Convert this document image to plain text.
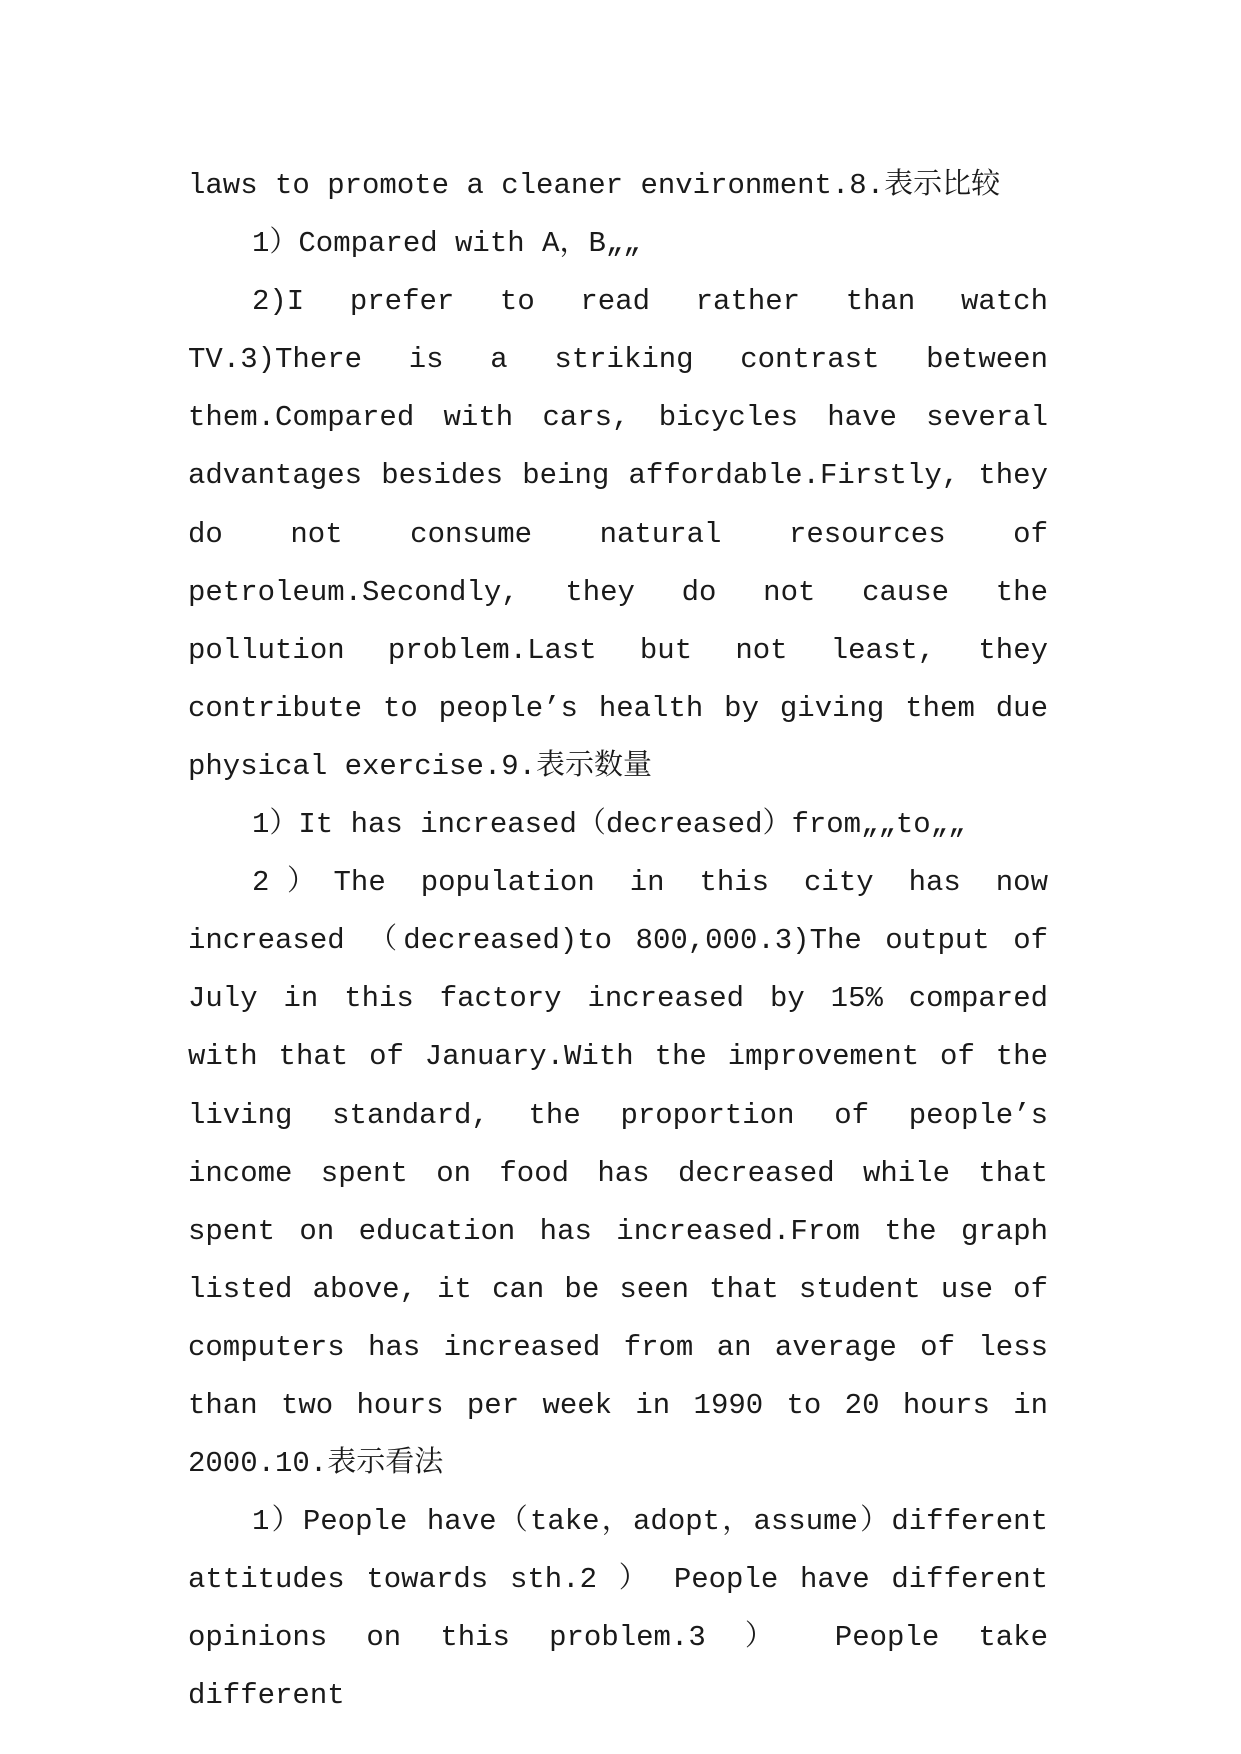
laws to promote a cleaner environment.8.表示比较

1）Compared with A，B„„

2)I prefer to read rather than watch TV.3)There is a striking contrast between them.Compared with cars, bicycles have several advantages besides being affordable.Firstly, they do not consume natural resources of petroleum.Secondly, they do not cause the pollution problem.Last but not least, they contribute to people’s health by giving them due physical exercise.9.表示数量

1）It has increased（decreased）from„„to„„

2）The population in this city has now increased （decreased)to 800,000.3)The output of July in this factory increased by 15% compared with that of January.With the improvement of the living standard, the proportion of people’s income spent on food has decreased while that spent on education has increased.From the graph listed above, it can be seen that student use of computers has increased from an average of less than two hours per week in 1990 to 20 hours in 2000.10.表示看法

1）People have（take，adopt，assume）different attitudes towards sth.2 ） People have different opinions on this problem.3 ） People take different
